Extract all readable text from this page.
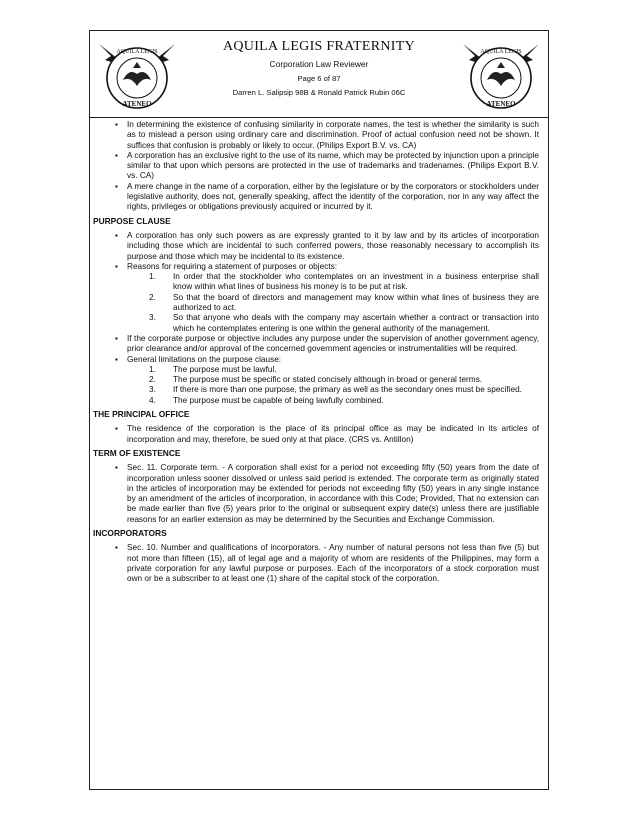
AQUILA LEGIS
ATENEO
AQUILA LEGIS FRATERNITY
Corporation Law Reviewer
Page 6 of 87
Darren L. Salipsip 98B & Ronald Patrick Rubin 06C
AQUILA LEGIS
ATENEO

▪ In determining the existence of confusing similarity in corporate names, the test is whether the similarity is such as to mislead a person using ordinary care and discrimination. Proof of actual confusion need not be shown. It suffices that confusion is probably or likely to occur. (Philips Export B.V. vs. CA)

▪ A corporation has an exclusive right to the use of its name, which may be protected by injunction upon a principle similar to that upon which persons are protected in the use of trademarks and tradenames. (Philips Export B.V. vs. CA)

▪ A mere change in the name of a corporation, either by the legislature or by the corporators or stockholders under legislative authority, does not, generally speaking, affect the identity of the corporation, nor in any way affect the rights, privileges or obligations previously acquired or incurred by it.

PURPOSE CLAUSE

▪ A corporation has only such powers as are expressly granted to it by law and by its articles of incorporation including those which are incidental to such conferred powers, those reasonably necessary to accomplish its purpose and those which may be incidental to its existence.

▪ Reasons for requiring a statement of purposes or objects:

1. In order that the stockholder who contemplates on an investment in a business enterprise shall know within what lines of business his money is to be put at risk.

2. So that the board of directors and management may know within what lines of business they are authorized to act.

3. So that anyone who deals with the company may ascertain whether a contract or transaction into which he contemplates entering is one within the general authority of the management.

▪ If the corporate purpose or objective includes any purpose under the supervision of another government agency, prior clearance and/or approval of the concerned government agencies or instrumentalities will be required.

▪ General limitations on the purpose clause:

1. The purpose must be lawful.

2. The purpose must be specific or stated concisely although in broad or general terms.

3. If there is more than one purpose, the primary as well as the secondary ones must be specified.

4. The purpose must be capable of being lawfully combined.

THE PRINCIPAL OFFICE

▪ The residence of the corporation is the place of its principal office as may be indicated in its articles of incorporation and may, therefore, be sued only at that place. (CRS vs. Antillon)

TERM OF EXISTENCE

▪ Sec. 11. Corporate term. - A corporation shall exist for a period not exceeding fifty (50) years from the date of incorporation unless sooner dissolved or unless said period is extended. The corporate term as originally stated in the articles of incorporation may be extended for periods not exceeding fifty (50) years in any single instance by an amendment of the articles of incorporation, in accordance with this Code; Provided, That no extension can be made earlier than five (5) years prior to the original or subsequent expiry date(s) unless there are justifiable reasons for an earlier extension as may be determined by the Securities and Exchange Commission.

INCORPORATORS

▪ Sec. 10. Number and qualifications of incorporators. - Any number of natural persons not less than five (5) but not more than fifteen (15), all of legal age and a majority of whom are residents of the Philippines, may form a private corporation for any lawful purpose or purposes. Each of the incorporators of a stock corporation must own or be a subscriber to at least one (1) share of the capital stock of the corporation.
